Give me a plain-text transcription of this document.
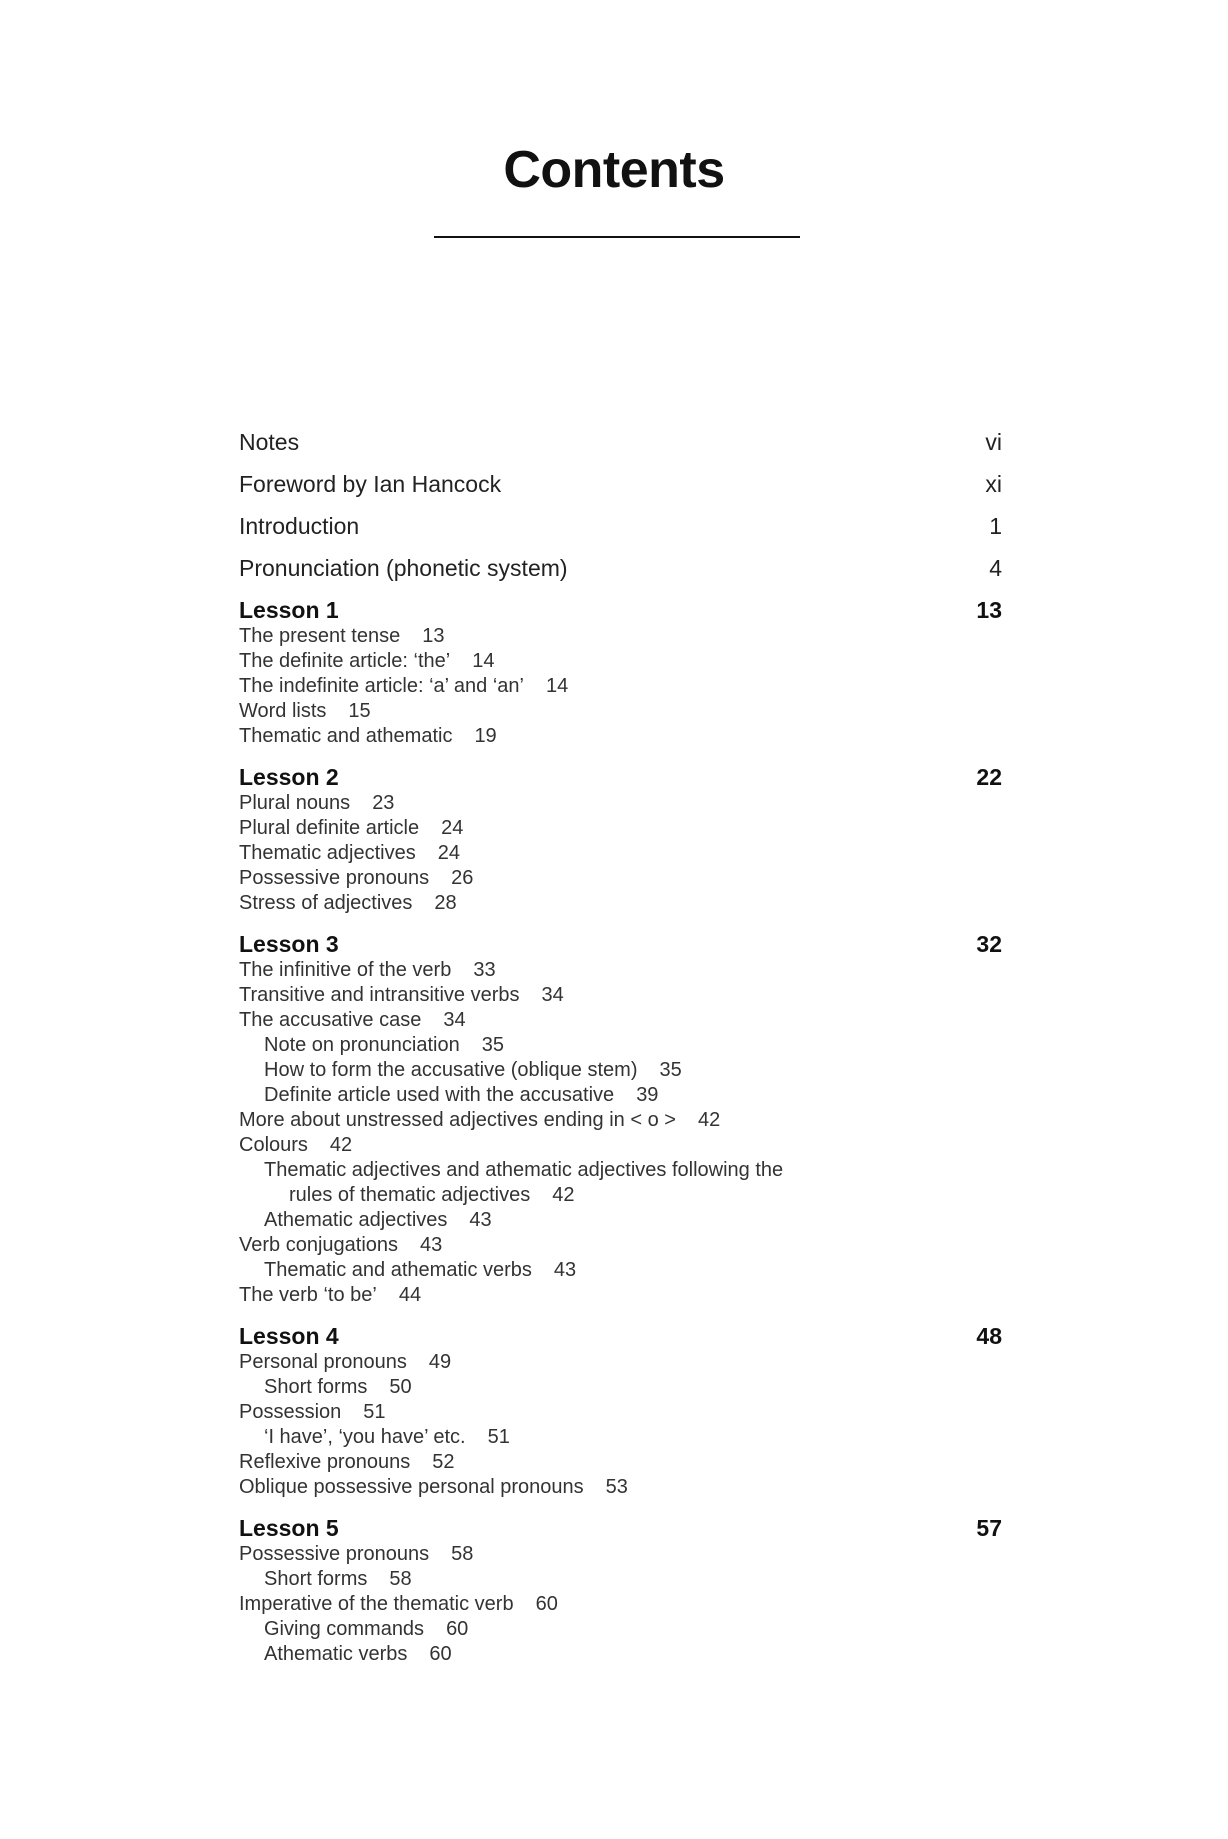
Contents
Notes	vi
Foreword by Ian Hancock	xi
Introduction	1
Pronunciation (phonetic system)	4
Lesson 1	13
The present tense 13
The definite article: ‘the’ 14
The indefinite article: ‘a’ and ‘an’ 14
Word lists 15
Thematic and athematic 19
Lesson 2	22
Plural nouns 23
Plural definite article 24
Thematic adjectives 24
Possessive pronouns 26
Stress of adjectives 28
Lesson 3	32
The infinitive of the verb 33
Transitive and intransitive verbs 34
The accusative case 34
Note on pronunciation 35
How to form the accusative (oblique stem) 35
Definite article used with the accusative 39
More about unstressed adjectives ending in < o > 42
Colours 42
Thematic adjectives and athematic adjectives following the
rules of thematic adjectives 42
Athematic adjectives 43
Verb conjugations 43
Thematic and athematic verbs 43
The verb ‘to be’ 44
Lesson 4	48
Personal pronouns 49
Short forms 50
Possession 51
‘I have’, ‘you have’ etc. 51
Reflexive pronouns 52
Oblique possessive personal pronouns 53
Lesson 5	57
Possessive pronouns 58
Short forms 58
Imperative of the thematic verb 60
Giving commands 60
Athematic verbs 60
